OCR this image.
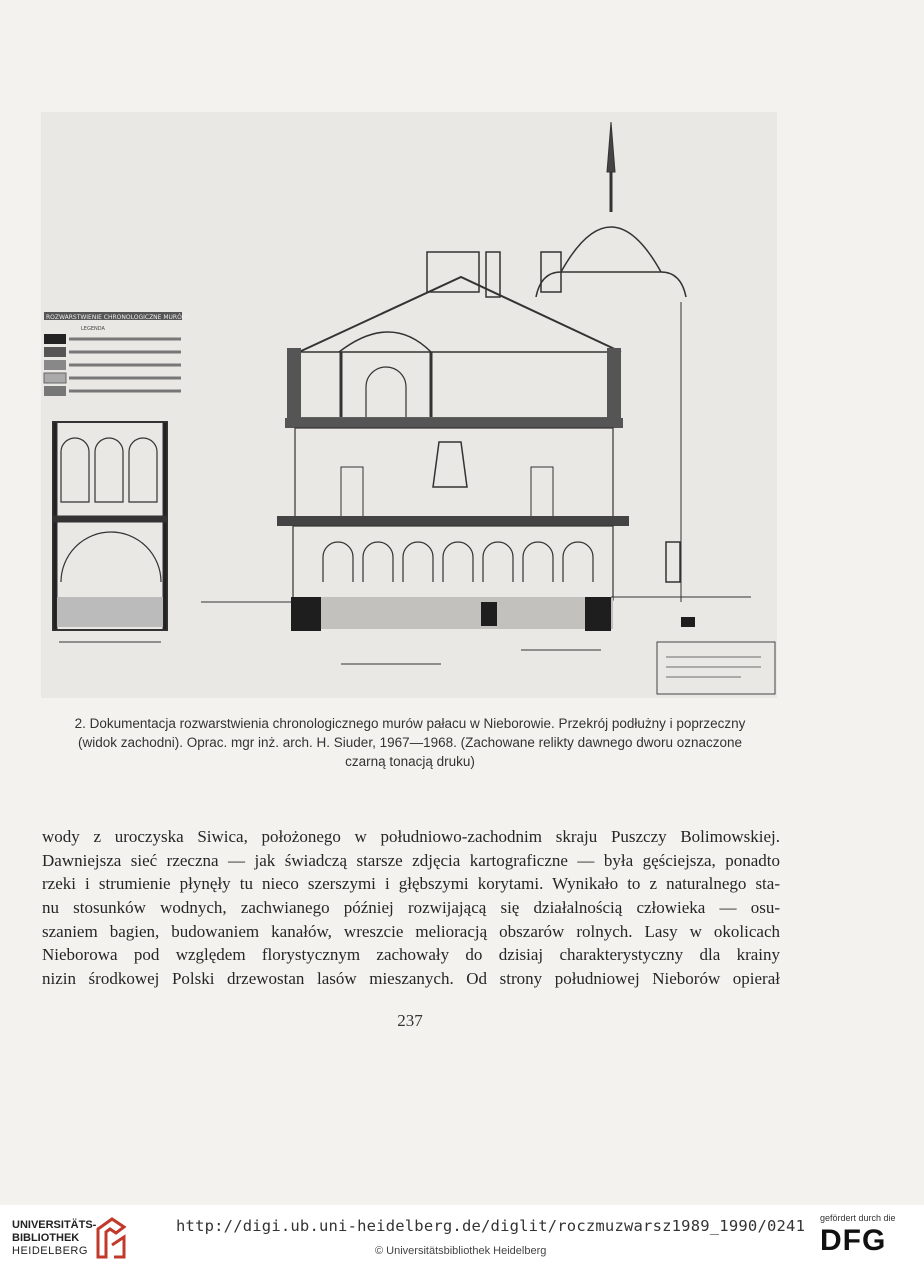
ROZWARSTWIENIE CHRONOLOGICZNE MURÓW
LEGENDA
2. Dokumentacja rozwarstwienia chronologicznego murów pałacu w Nieborowie. Przekrój podłużny i poprzeczny
(widok zachodni). Oprac. mgr inż. arch. H. Siuder, 1967—1968. (Zachowane relikty dawnego dworu oznaczone
czarną tonacją druku)
wody z uroczyska Siwica, położonego w południowo-zachodnim skraju Puszczy Bolimowskiej.
Dawniejsza sieć rzeczna — jak świadczą starsze zdjęcia kartograficzne — była gęściejsza, ponadto
rzeki i strumienie płynęły tu nieco szerszymi i głębszymi korytami. Wynikało to z naturalnego sta-
nu stosunków wodnych, zachwianego później rozwijającą się działalnością człowieka — osu-
szaniem bagien, budowaniem kanałów, wreszcie melioracją obszarów rolnych. Lasy w okolicach
Nieborowa pod względem florystycznym zachowały do dzisiaj charakterystyczny dla krainy
nizin środkowej Polski drzewostan lasów mieszanych. Od strony południowej Nieborów opierał
237
UNIVERSITÄTS-
BIBLIOTHEK
HEIDELBERG
http://digi.ub.uni-heidelberg.de/diglit/roczmuzwarsz1989_1990/0241
© Universitätsbibliothek Heidelberg
gefördert durch die
DFG
